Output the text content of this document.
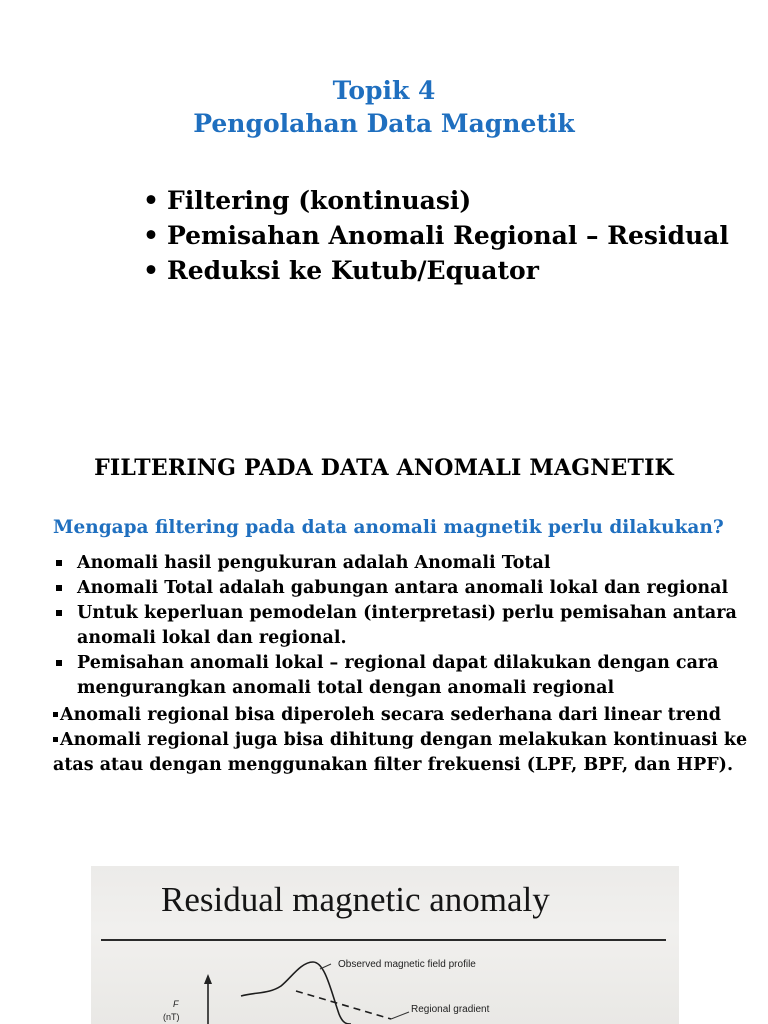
Topik 4
Pengolahan Data Magnetik
• Filtering (kontinuasi)
• Pemisahan Anomali Regional – Residual
• Reduksi ke Kutub/Equator
FILTERING PADA DATA ANOMALI MAGNETIK
Mengapa filtering pada data anomali magnetik perlu dilakukan?
Anomali hasil pengukuran adalah Anomali Total
Anomali Total adalah gabungan antara anomali lokal dan regional
Untuk keperluan pemodelan (interpretasi) perlu pemisahan antara
anomali lokal dan regional.
Pemisahan anomali lokal – regional dapat dilakukan dengan cara
mengurangkan anomali total dengan anomali regional
Anomali regional bisa diperoleh secara sederhana dari linear trend
Anomali regional juga bisa dihitung dengan melakukan kontinuasi ke
atas atau dengan menggunakan filter frekuensi (LPF, BPF, dan HPF).
Residual magnetic anomaly
Observed magnetic field profile
Regional gradient
F
(nT)
